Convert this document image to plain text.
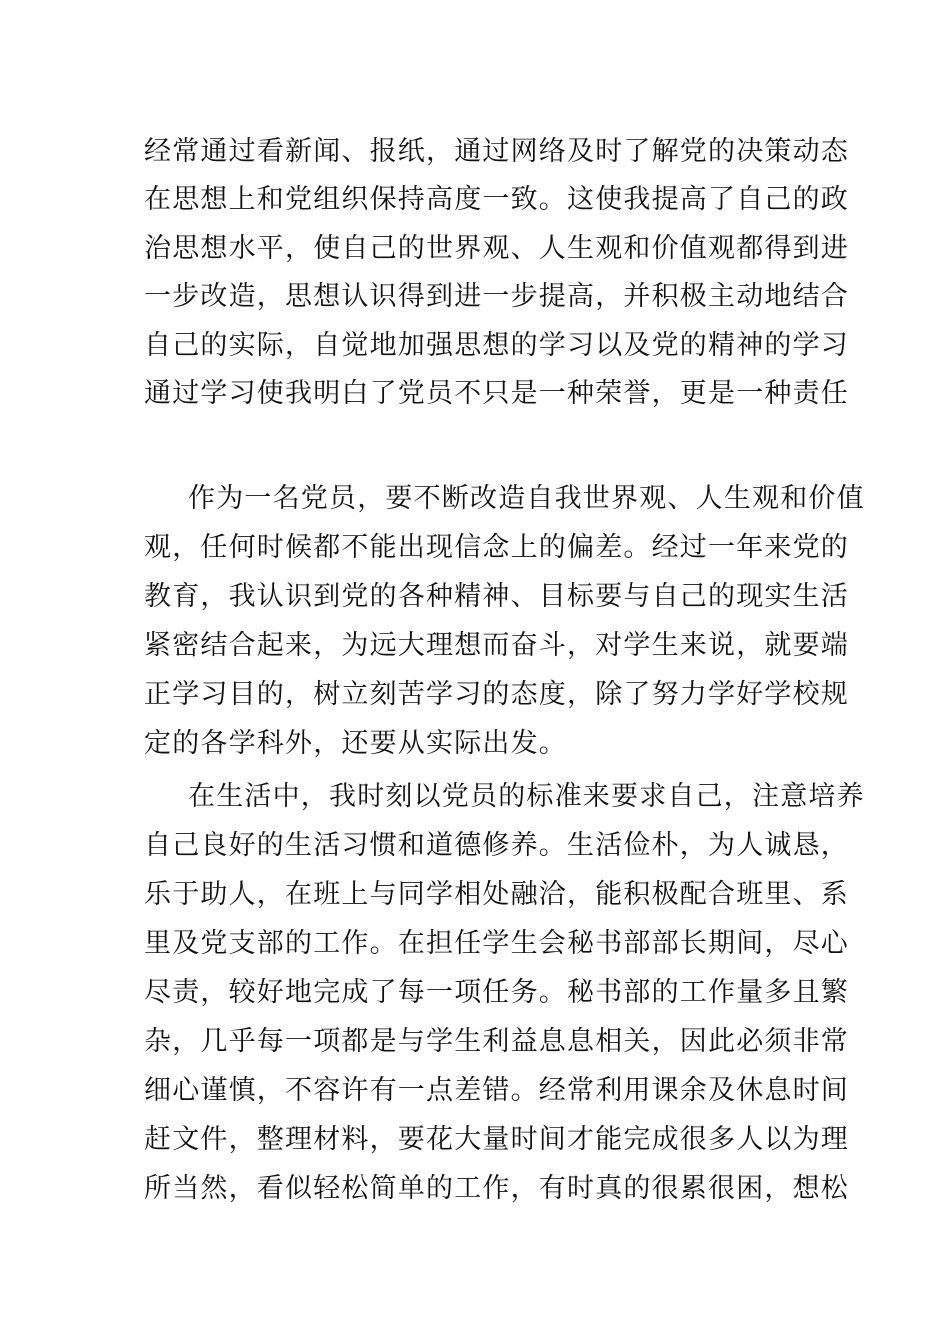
经常通过看新闻、报纸，通过网络及时了解党的决策动态
在思想上和党组织保持高度一致。这使我提高了自己的政
治思想水平，使自己的世界观、人生观和价值观都得到进
一步改造，思想认识得到进一步提高，并积极主动地结合
自己的实际，自觉地加强思想的学习以及党的精神的学习
通过学习使我明白了党员不只是一种荣誉，更是一种责任
作为一名党员，要不断改造自我世界观、人生观和价值
观，任何时候都不能出现信念上的偏差。经过一年来党的
教育，我认识到党的各种精神、目标要与自己的现实生活
紧密结合起来，为远大理想而奋斗，对学生来说，就要端
正学习目的，树立刻苦学习的态度，除了努力学好学校规
定的各学科外，还要从实际出发。
在生活中，我时刻以党员的标准来要求自己，注意培养
自己良好的生活习惯和道德修养。生活俭朴，为人诚恳，
乐于助人，在班上与同学相处融洽，能积极配合班里、系
里及党支部的工作。在担任学生会秘书部部长期间，尽心
尽责，较好地完成了每一项任务。秘书部的工作量多且繁
杂，几乎每一项都是与学生利益息息相关，因此必须非常
细心谨慎，不容许有一点差错。经常利用课余及休息时间
赶文件，整理材料，要花大量时间才能完成很多人以为理
所当然，看似轻松简单的工作，有时真的很累很困，想松
